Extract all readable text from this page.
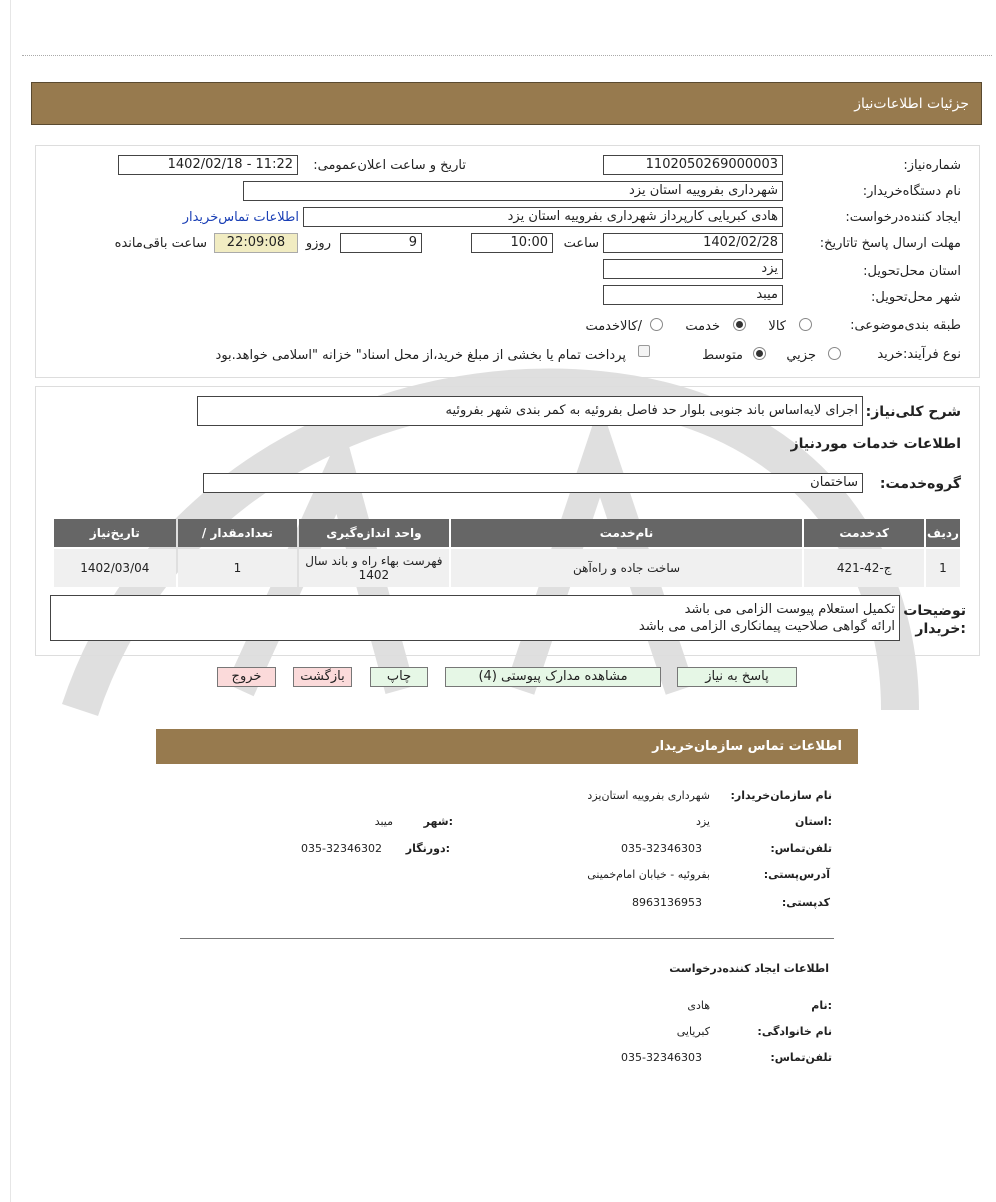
جزئیات اطلاعات‌نیاز
شماره‌نیاز:
1102050269000003
تاریخ و ساعت اعلان‌عمومی:
1402/02/18 - 11:22
نام دستگاه‌خریدار:
شهرداری بفروییه استان یزد
ایجاد کننده‌درخواست:
هادی کبریایی کارپرداز شهرداری بفروییه استان یزد
اطلاعات تماس‌خریدار
مهلت ارسال پاسخ تا‌تاریخ:
1402/02/28
ساعت
10:00
9
روزو
22:09:08
ساعت باقی‌مانده
استان محل‌تحویل:
یزد
شهر محل‌تحویل:
میبد
طبقه بندی‌موضوعی:
کالا
خدمت
/کالاخدمت
نوع فرآیند:
خرید
جزيي
متوسط
پرداخت تمام یا بخشی از مبلغ خرید،از محل اسناد" خزانه "اسلامی خواهد.بود
شرح کلی‌نیاز:
اجرای لایه‌اساس باند جنوبی بلوار حد فاصل بفروئیه به کمر بندی شهر بفروئیه
اطلاعات خدمات موردنیاز
گروه‌خدمت:
ساختمان
تاریخ‌نیاز	/ تعدادمقدار	واحد اندازه‌گیری	نام‌خدمت	کدخدمت	ردیف
1402/03/04	1	فهرست بهاء راه و باند سال 1402	ساخت جاده و راه‌آهن	ج-42-421	1
توضیحات
:خریدار
تکمیل استعلام پیوست الزامی می باشد
ارائه گواهی صلاحیت پیمانکاری الزامی می باشد
پاسخ به نیاز
مشاهده مدارک پیوستی (4)
چاپ
بازگشت
خروج
اطلاعات تماس سازمان‌خریدار
نام سازمان‌خریدار:
شهرداری بفروییه استان‌یزد
:استان
یزد
:شهر
میبد
تلفن‌تماس:
035-32346303
:دورنگار
035-32346302
آدرس‌پستی:
بفروئیه - خیابان امام‌خمینی
کد‌پستی:
8963136953
اطلاعات ایجاد کننده‌درخواست
:نام
هادی
نام خانوادگی:
کبریایی
تلفن‌تماس:
035-32346303
